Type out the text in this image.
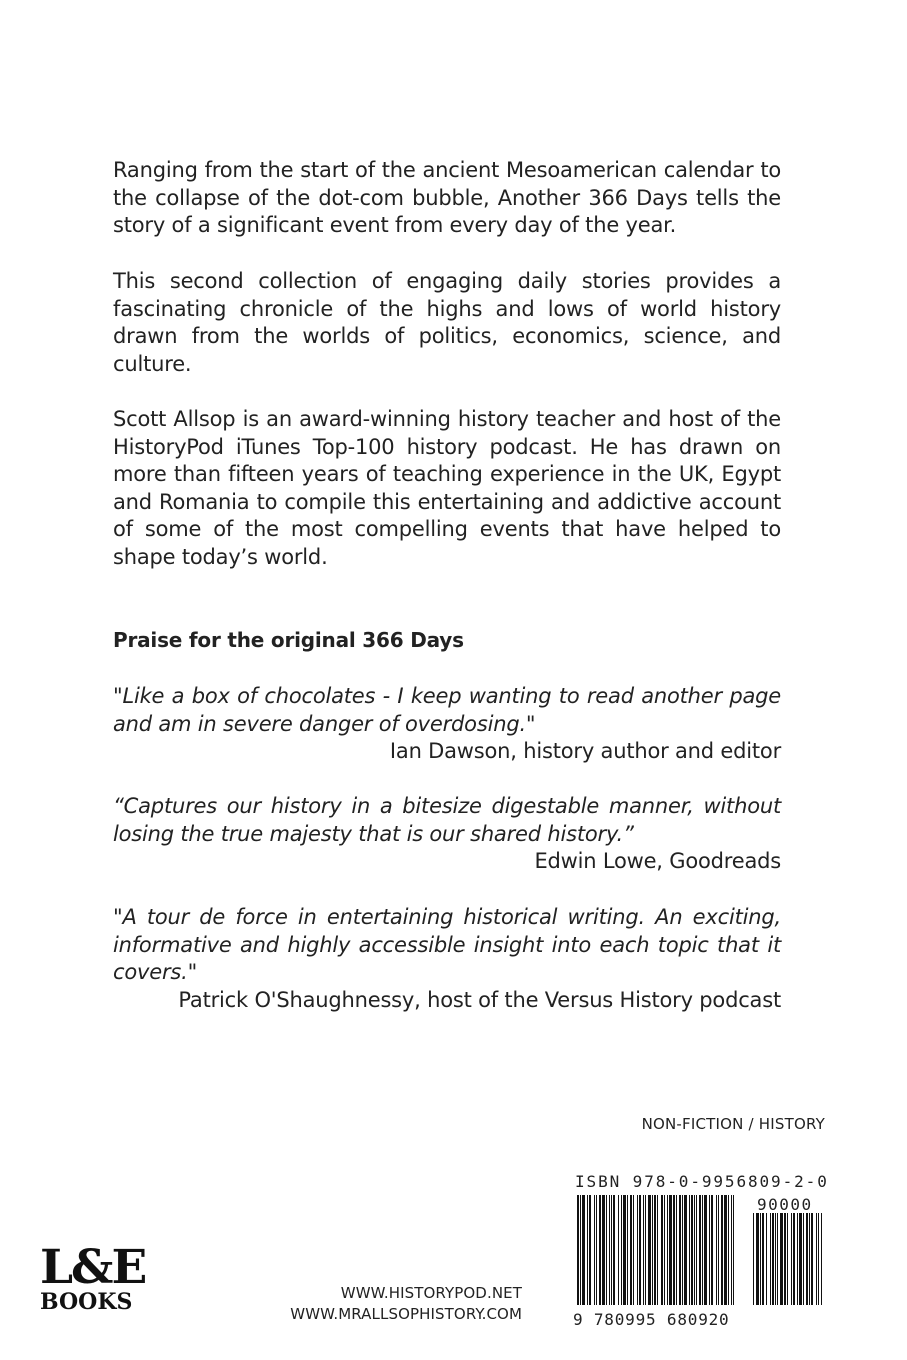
Ranging from the start of the ancient Mesoamerican calendar to the collapse of the dot-com bubble, Another 366 Days tells the story of a significant event from every day of the year.

This second collection of engaging daily stories provides a fascinating chronicle of the highs and lows of world history drawn from the worlds of politics, economics, science, and culture.

Scott Allsop is an award-winning history teacher and host of the HistoryPod iTunes Top-100 history podcast. He has drawn on more than fifteen years of teaching experience in the UK, Egypt and Romania to compile this entertaining and addictive account of some of the most compelling events that have helped to shape today’s world.

Praise for the original 366 Days

"Like a box of chocolates - I keep wanting to read another page and am in severe danger of overdosing."

Ian Dawson, history author and editor

“Captures our history in a bitesize digestable manner, without losing the true majesty that is our shared history.”

Edwin Lowe, Goodreads

"A tour de force in entertaining historical writing. An exciting, informative and highly accessible insight into each topic that it covers."

Patrick O'Shaughnessy, host of the Versus History podcast

NON-FICTION / HISTORY
ISBN 978-0-9956809-2-0
90000
9 780995 680920
L&E
BOOKS	WWW.HISTORYPOD.NET
WWW.MRALLSOPHISTORY.COM
